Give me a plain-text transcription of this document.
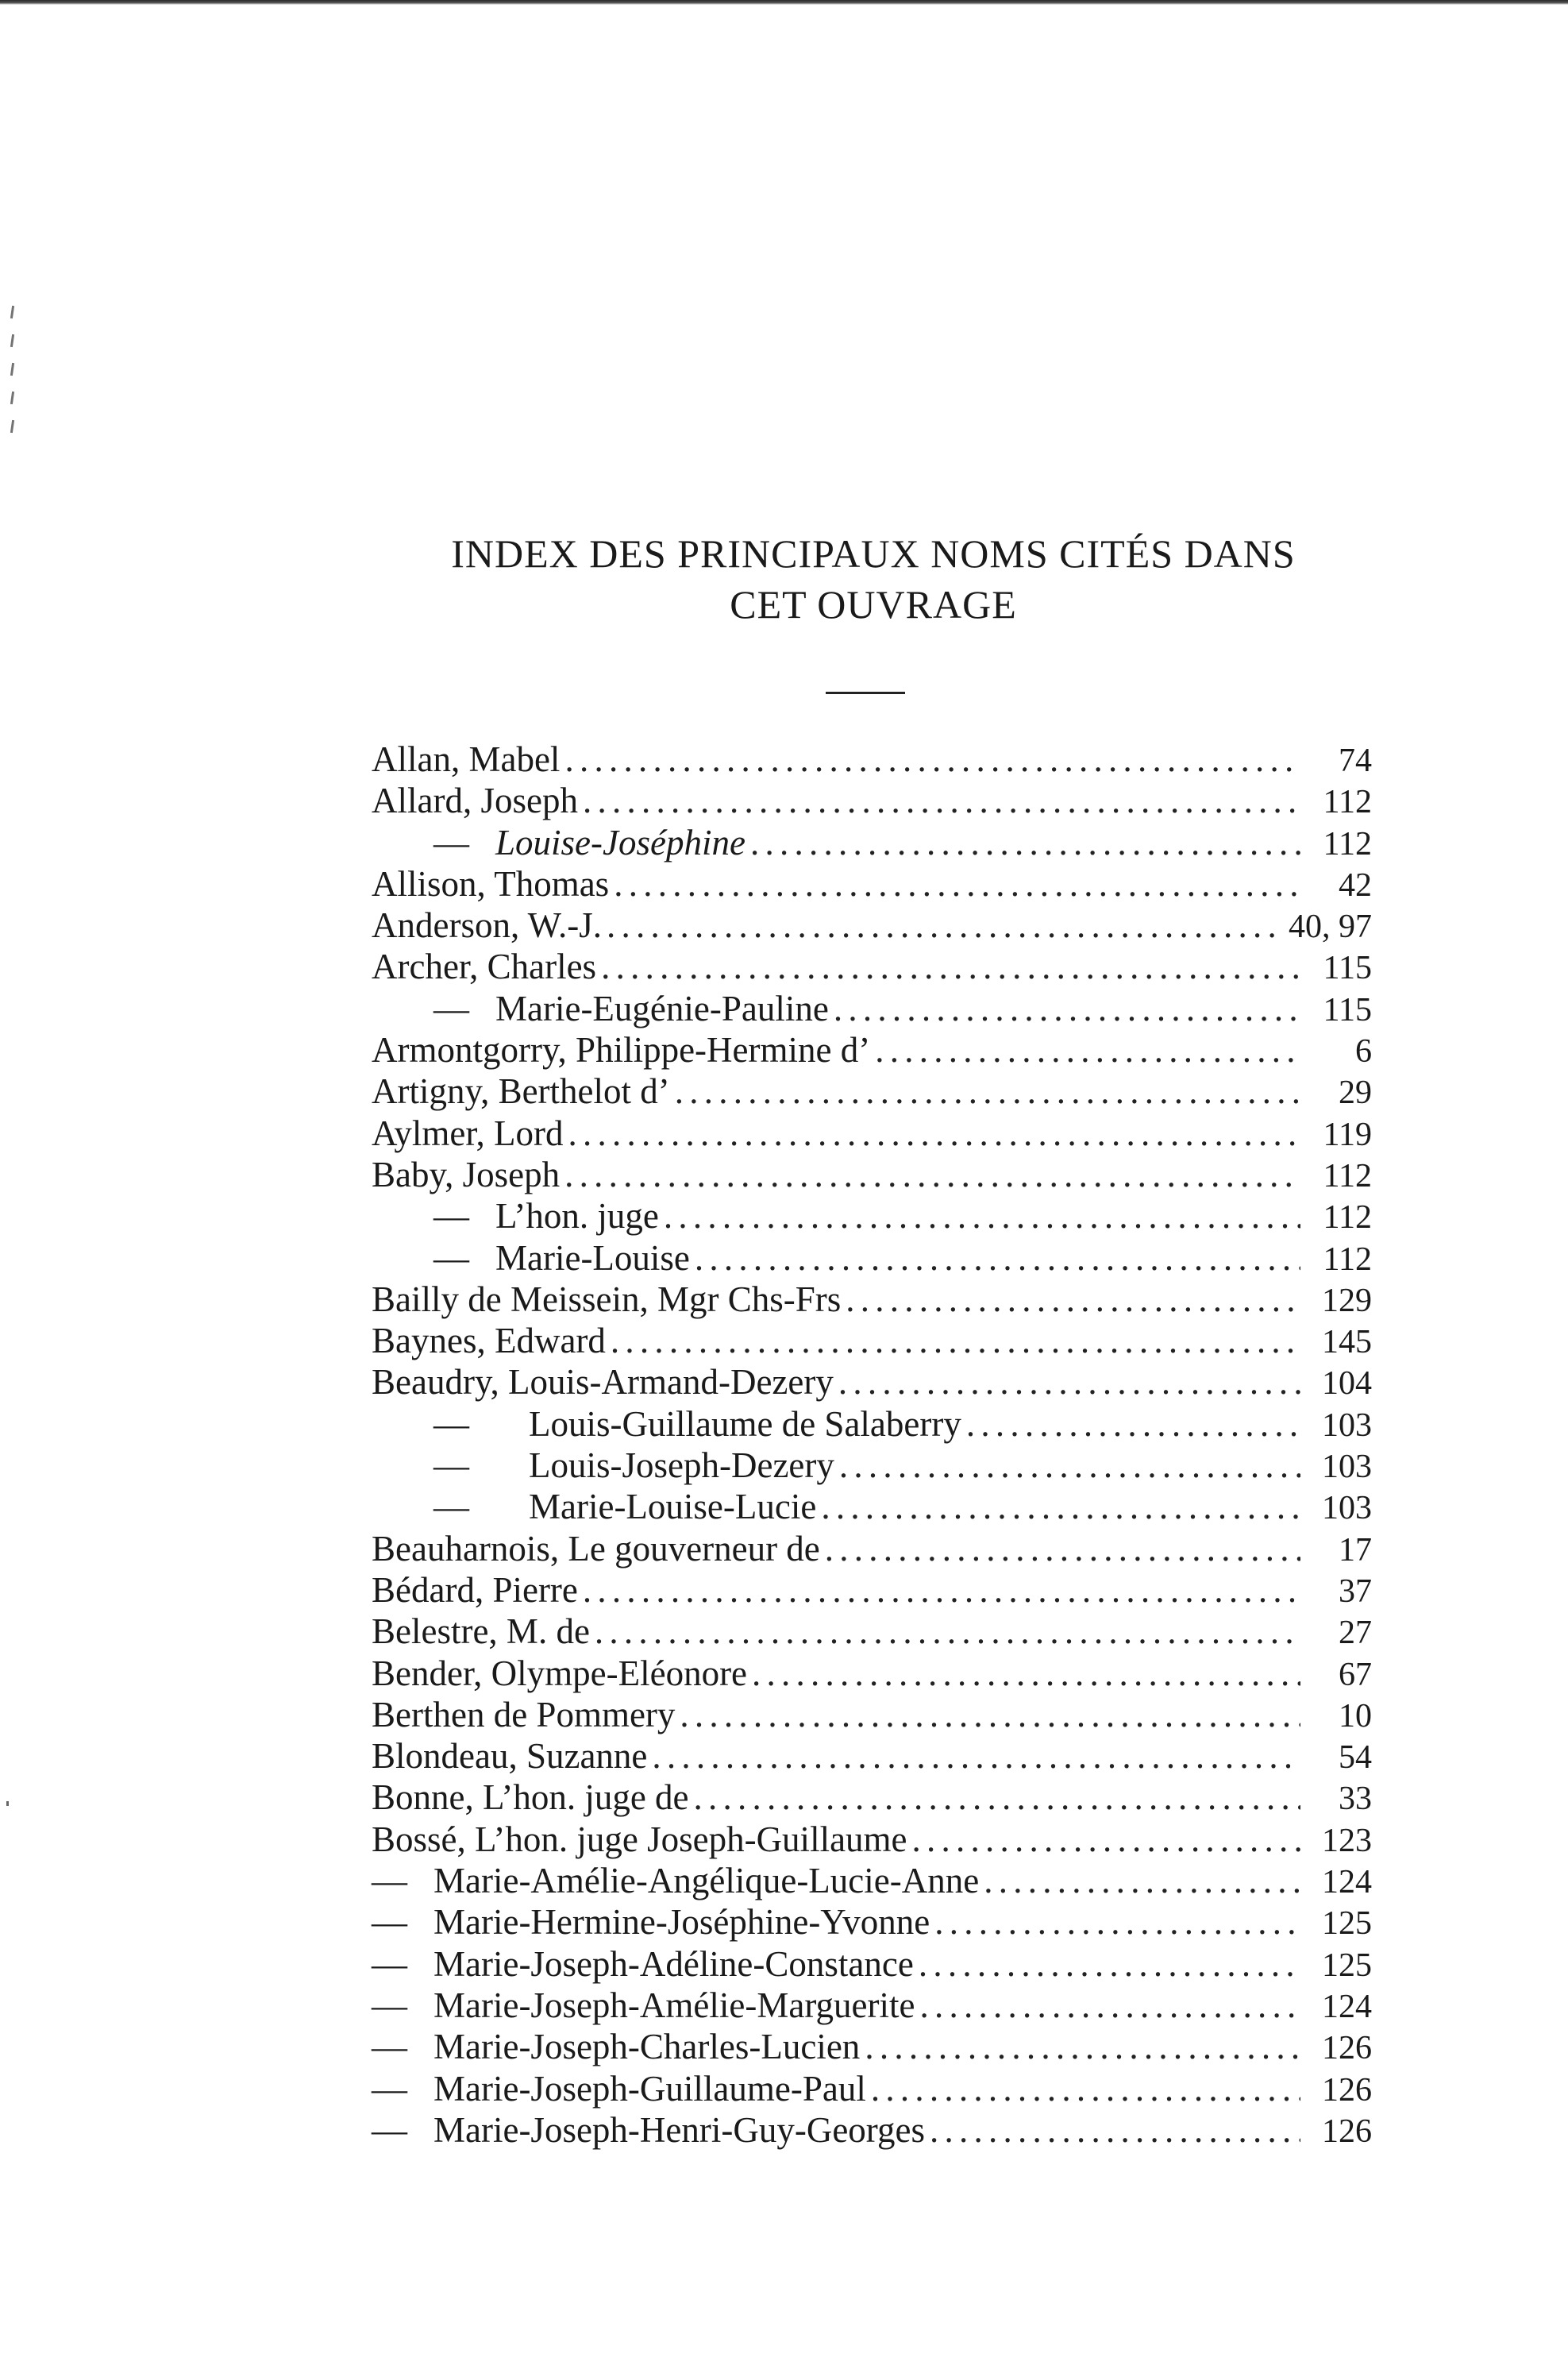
INDEX DES PRINCIPAUX NOMS CITÉS DANS
CET OUVRAGE
Allan, Mabel . . .	74
Allard, Joseph . . .	112
— Louise-Joséphine . . .	112
Allison, Thomas . . .	42
Anderson, W.-J. . . .	40, 97
Archer, Charles . . .	115
— Marie-Eugénie-Pauline . . .	115
Armontgorry, Philippe-Hermine d’ . . .	6
Artigny, Berthelot d’ . . .	29
Aylmer, Lord . . .	119
Baby, Joseph . . .	112
— L’hon. juge . . .	112
— Marie-Louise . . .	112
Bailly de Meissein, Mgr Chs-Frs . . .	129
Baynes, Edward . . .	145
Beaudry, Louis-Armand-Dezery . . .	104
—	Louis-Guillaume de Salaberry . . .	103
—	Louis-Joseph-Dezery . . .	103
—	Marie-Louise-Lucie . . .	103
Beauharnois, Le gouverneur de . . .	17
Bédard, Pierre . . .	37
Belestre, M. de . . .	27
Bender, Olympe-Eléonore . . .	67
Berthen de Pommery . . .	10
Blondeau, Suzanne . . .	54
Bonne, L’hon. juge de . . .	33
Bossé, L’hon. juge Joseph-Guillaume . . .	123
— Marie-Amélie-Angélique-Lucie-Anne . . .	124
— Marie-Hermine-Joséphine-Yvonne . . .	125
— Marie-Joseph-Adéline-Constance . . .	125
— Marie-Joseph-Amélie-Marguerite . . .	124
— Marie-Joseph-Charles-Lucien . . .	126
— Marie-Joseph-Guillaume-Paul . . .	126
— Marie-Joseph-Henri-Guy-Georges . . .	126
